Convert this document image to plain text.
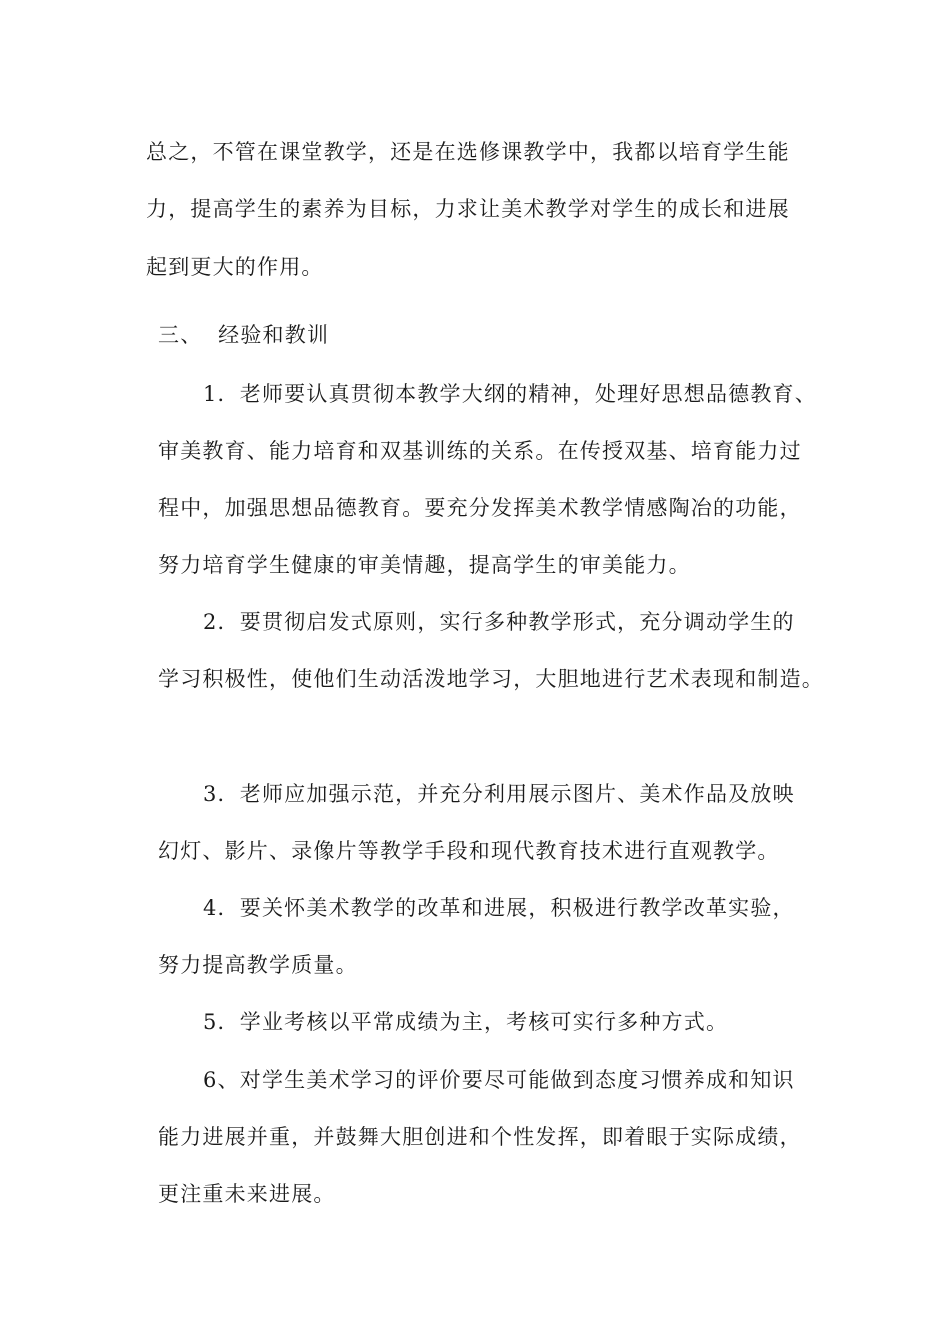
总之，不管在课堂教学，还是在选修课教学中，我都以培育学生能
力，提高学生的素养为目标，力求让美术教学对学生的成长和进展
起到更大的作用。
三、  经验和教训
1．老师要认真贯彻本教学大纲的精神，处理好思想品德教育、
审美教育、能力培育和双基训练的关系。在传授双基、培育能力过
程中，加强思想品德教育。要充分发挥美术教学情感陶冶的功能，
努力培育学生健康的审美情趣，提高学生的审美能力。
2．要贯彻启发式原则，实行多种教学形式，充分调动学生的
学习积极性，使他们生动活泼地学习，大胆地进行艺术表现和制造。
3．老师应加强示范，并充分利用展示图片、美术作品及放映
幻灯、影片、录像片等教学手段和现代教育技术进行直观教学。
4．要关怀美术教学的改革和进展，积极进行教学改革实验，
努力提高教学质量。
5．学业考核以平常成绩为主，考核可实行多种方式。
6、对学生美术学习的评价要尽可能做到态度习惯养成和知识
能力进展并重，并鼓舞大胆创进和个性发挥，即着眼于实际成绩，
更注重未来进展。
